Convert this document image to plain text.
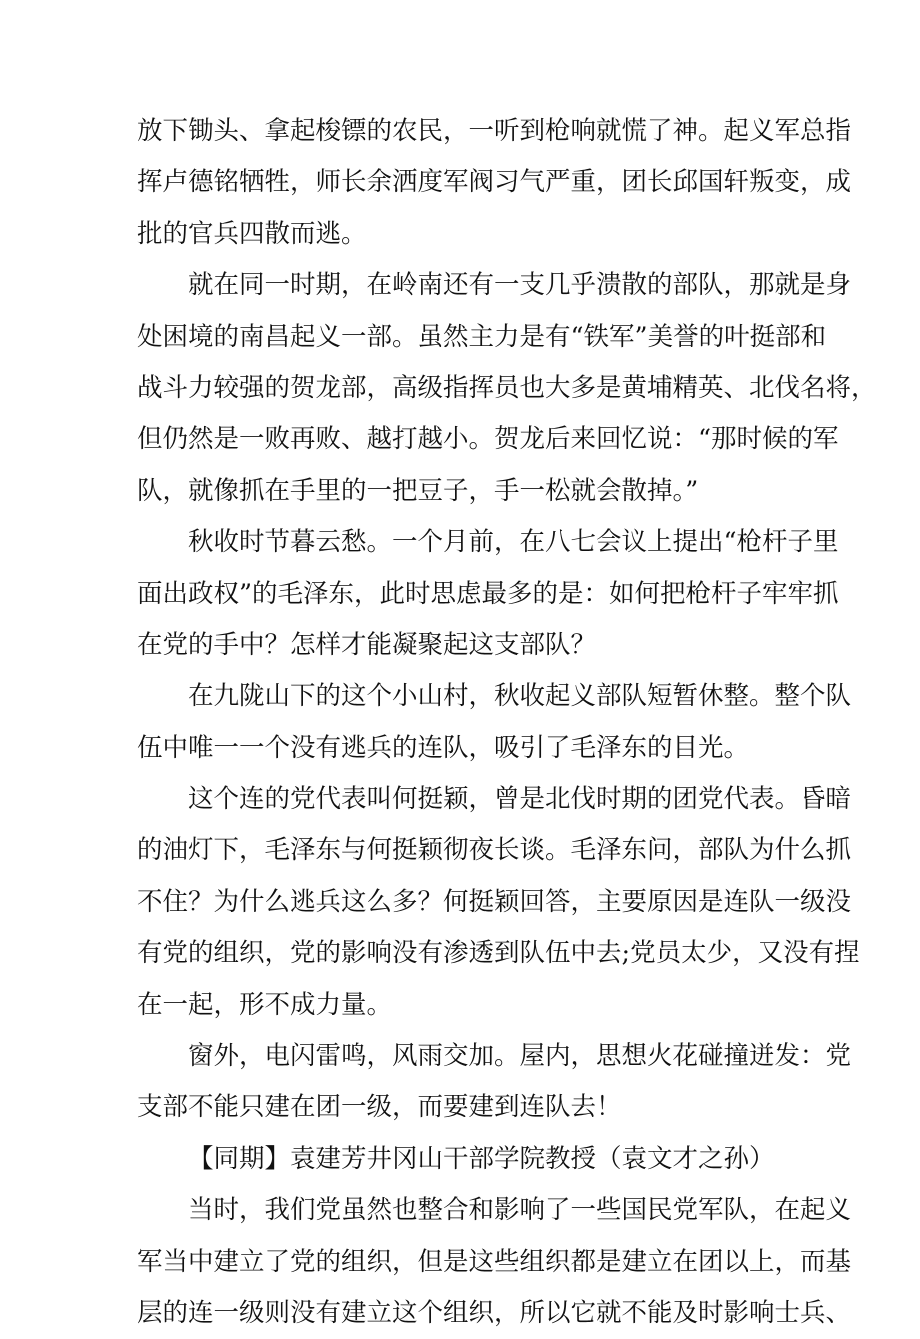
放下锄头、拿起梭镖的农民，一听到枪响就慌了神。起义军总指
挥卢德铭牺牲，师长余洒度军阀习气严重，团长邱国轩叛变，成
批的官兵四散而逃。
就在同一时期，在岭南还有一支几乎溃散的部队，那就是身
处困境的南昌起义一部。虽然主力是有“铁军”美誉的叶挺部和
战斗力较强的贺龙部，高级指挥员也大多是黄埔精英、北伐名将，
但仍然是一败再败、越打越小。贺龙后来回忆说：“那时候的军
队，就像抓在手里的一把豆子，手一松就会散掉。”
秋收时节暮云愁。一个月前，在八七会议上提出“枪杆子里
面出政权”的毛泽东，此时思虑最多的是：如何把枪杆子牢牢抓
在党的手中？怎样才能凝聚起这支部队？
在九陇山下的这个小山村，秋收起义部队短暂休整。整个队
伍中唯一一个没有逃兵的连队，吸引了毛泽东的目光。
这个连的党代表叫何挺颖，曾是北伐时期的团党代表。昏暗
的油灯下，毛泽东与何挺颖彻夜长谈。毛泽东问，部队为什么抓
不住？为什么逃兵这么多？何挺颖回答，主要原因是连队一级没
有党的组织，党的影响没有渗透到队伍中去;党员太少，又没有捏
在一起，形不成力量。
窗外，电闪雷鸣，风雨交加。屋内，思想火花碰撞迸发：党
支部不能只建在团一级，而要建到连队去！
【同期】袁建芳井冈山干部学院教授（袁文才之孙）
当时，我们党虽然也整合和影响了一些国民党军队，在起义
军当中建立了党的组织，但是这些组织都是建立在团以上，而基
层的连一级则没有建立这个组织，所以它就不能及时影响士兵、
